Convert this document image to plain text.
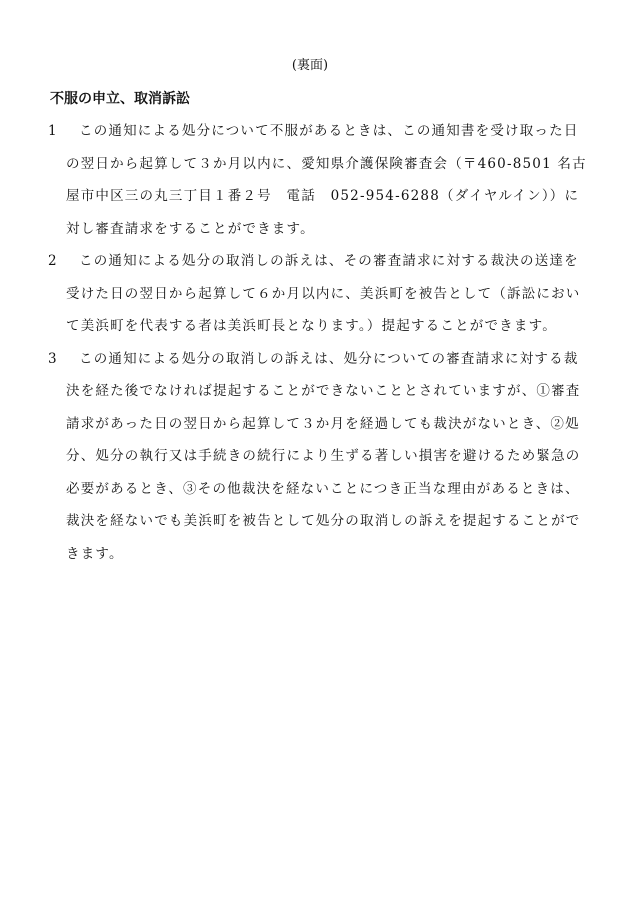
(裏面)
不服の申立、取消訴訟
1	この通知による処分について不服があるときは、この通知書を受け取った日の翌日から起算して３か月以内に、愛知県介護保険審査会（〒460-8501 名古屋市中区三の丸三丁目１番２号　電話　052-954-6288（ダイヤルイン））に対し審査請求をすることができます。
2	この通知による処分の取消しの訴えは、その審査請求に対する裁決の送達を受けた日の翌日から起算して６か月以内に、美浜町を被告として（訴訟において美浜町を代表する者は美浜町長となります。）提起することができます。
3	この通知による処分の取消しの訴えは、処分についての審査請求に対する裁決を経た後でなければ提起することができないこととされていますが、①審査請求があった日の翌日から起算して３か月を経過しても裁決がないとき、②処分、処分の執行又は手続きの続行により生ずる著しい損害を避けるため緊急の必要があるとき、③その他裁決を経ないことにつき正当な理由があるときは、裁決を経ないでも美浜町を被告として処分の取消しの訴えを提起することができます。
